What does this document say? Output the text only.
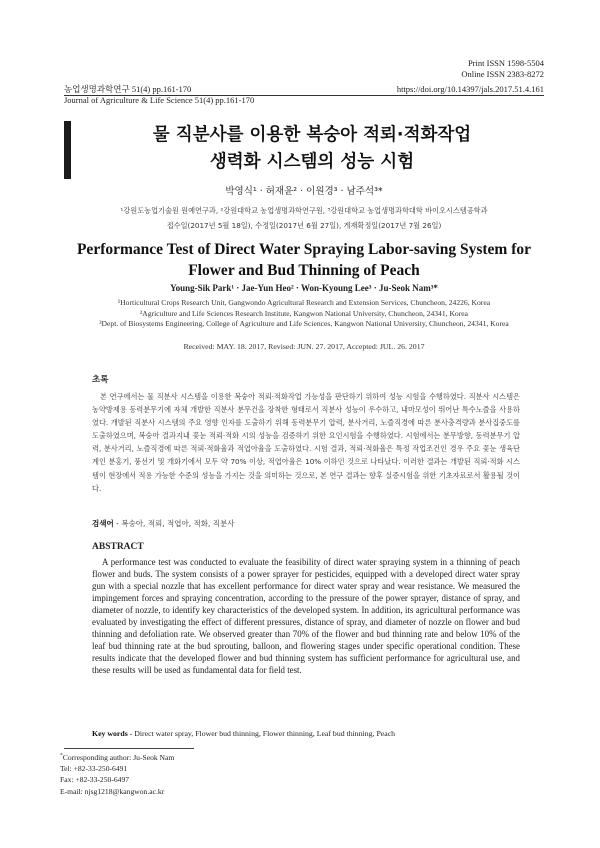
Print ISSN 1598-5504
Online ISSN 2383-8272
농업생명과학연구 51(4) pp.161-170
Journal of Agriculture & Life Science 51(4) pp.161-170
https://doi.org/10.14397/jals.2017.51.4.161
물 직분사를 이용한 복숭아 적뢰·적화작업
생력화 시스템의 성능 시험
박영식¹ · 허재윤² · 이원경³ · 남주석³*
¹강원도농업기술원 원예연구과, ²강원대학교 농업생명과학연구원, ³강원대학교 농업생명과학대학 바이오시스템공학과
접수일(2017년 5월 18일), 수정일(2017년 6월 27일), 게재확정일(2017년 7월 26일)
Performance Test of Direct Water Spraying Labor-saving System for
Flower and Bud Thinning of Peach
Young-Sik Park¹ · Jae-Yun Heo² · Won-Kyoung Lee³ · Ju-Seok Nam³*
¹Horticultural Crops Research Unit, Gangwondo Agricultural Research and Extension Services, Chuncheon, 24226, Korea
²Agriculture and Life Sciences Research Institute, Kangwon National University, Chuncheon, 24341, Korea
³Dept. of Biosystems Engineering, College of Agriculture and Life Sciences, Kangwon National University, Chuncheon, 24341, Korea
Received: MAY. 18. 2017, Revised: JUN. 27. 2017, Accepted: JUL. 26. 2017
초록
본 연구에서는 물 직분사 시스템을 이용한 복숭아 적뢰·적화작업 가능성을 판단하기 위하여 성능 시험을 수행하였다. 직분사 시스템은 농약방제용 동력분무기에 자체 개발한 직분사 분무건을 장착한 형태로서 직분사 성능이 우수하고, 내마모성이 뛰어난 특수노즐을 사용하였다. 개발된 직분사 시스템의 주요 영향 인자를 도출하기 위해 동력분무기 압력, 분사거리, 노즐직경에 따른 분사충격량과 분사집중도를 도출하였으며, 복숭아 결과지내 꽃눈 적뢰·적화 시의 성능을 검증하기 위한 요인시험을 수행하였다. 시험에서는 분무방향, 동력분무기 압력, 분사거리, 노즐직경에 따른 적뢰·적화율과 적엽아율을 도출하였다. 시험 결과, 적뢰·적화율은 특정 작업조건인 경우 주요 꽃눈 생육단계인 분홍기, 풍선기 및 개화기에서 모두 약 70% 이상, 적엽아율은 10% 이하인 것으로 나타났다. 이러한 결과는 개발된 직뢰·적화 시스템이 현장에서 적용 가능한 수준의 성능을 가지는 것을 의미하는 것으로, 본 연구 결과는 향후 실증시험을 위한 기초자료로서 활용될 것이다.
검색어 - 복숭아, 적뢰, 적엽아, 적화, 직분사
ABSTRACT
A performance test was conducted to evaluate the feasibility of direct water spraying system in a thinning of peach flower and buds. The system consists of a power sprayer for pesticides, equipped with a developed direct water spray gun with a special nozzle that has excellent performance for direct water spray and wear resistance. We measured the impingement forces and spraying concentration, according to the pressure of the power sprayer, distance of spray, and diameter of nozzle, to identify key characteristics of the developed system. In addition, its agricultural performance was evaluated by investigating the effect of different pressures, distance of spray, and diameter of nozzle on flower and bud thinning and defoliation rate. We observed greater than 70% of the flower and bud thinning rate and below 10% of the leaf bud thinning rate at the bud sprouting, balloon, and flowering stages under specific operational condition. These results indicate that the developed flower and bud thinning system has sufficient performance for agricultural use, and these results will be used as fundamental data for field test.
Key words - Direct water spray, Flower bud thinning, Flower thinning, Leaf bud thinning, Peach
*Corresponding author: Ju-Seok Nam
Tel: +82-33-250-6491
Fax: +82-33-250-6497
E-mail: njsg1218@kangwon.ac.kr
